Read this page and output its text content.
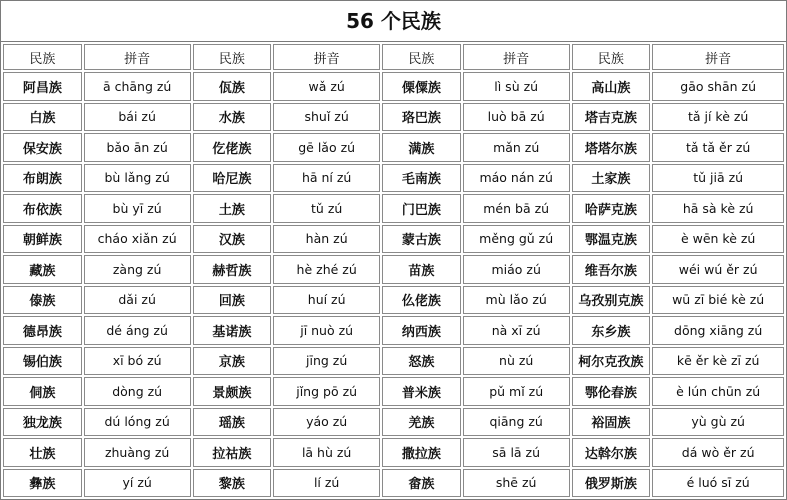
56 个民族
民族	拼音	民族	拼音	民族	拼音	民族	拼音
阿昌族	ā chāng zú	佤族	wǎ zú	傈僳族	lì sù zú	高山族	gāo shān zú
白族	bái zú	水族	shuǐ zú	珞巴族	luò bā zú	塔吉克族	tǎ jí kè zú
保安族	bǎo ān zú	仡佬族	gē lǎo zú	满族	mǎn zú	塔塔尔族	tǎ tǎ ěr zú
布朗族	bù lǎng zú	哈尼族	hā ní zú	毛南族	máo nán zú	土家族	tǔ jiā zú
布依族	bù yī zú	土族	tǔ zú	门巴族	mén bā zú	哈萨克族	hā sà kè zú
朝鲜族	cháo xiǎn zú	汉族	hàn zú	蒙古族	měng gǔ zú	鄂温克族	è wēn kè zú
藏族	zàng zú	赫哲族	hè zhé zú	苗族	miáo zú	维吾尔族	wéi wú ěr zú
傣族	dǎi zú	回族	huí zú	仫佬族	mù lǎo zú	乌孜别克族	wū zī bié kè zú
德昂族	dé áng zú	基诺族	jī nuò zú	纳西族	nà xī zú	东乡族	dōng xiāng zú
锡伯族	xī bó zú	京族	jīng zú	怒族	nù zú	柯尔克孜族	kē ěr kè zī zú
侗族	dòng zú	景颇族	jǐng pō zú	普米族	pǔ mǐ zú	鄂伦春族	è lún chūn zú
独龙族	dú lóng zú	瑶族	yáo zú	羌族	qiāng zú	裕固族	yù gù zú
壮族	zhuàng zú	拉祜族	lā hù zú	撒拉族	sā lā zú	达斡尔族	dá wò ěr zú
彝族	yí zú	黎族	lí zú	畲族	shē zú	俄罗斯族	é luó sī zú
